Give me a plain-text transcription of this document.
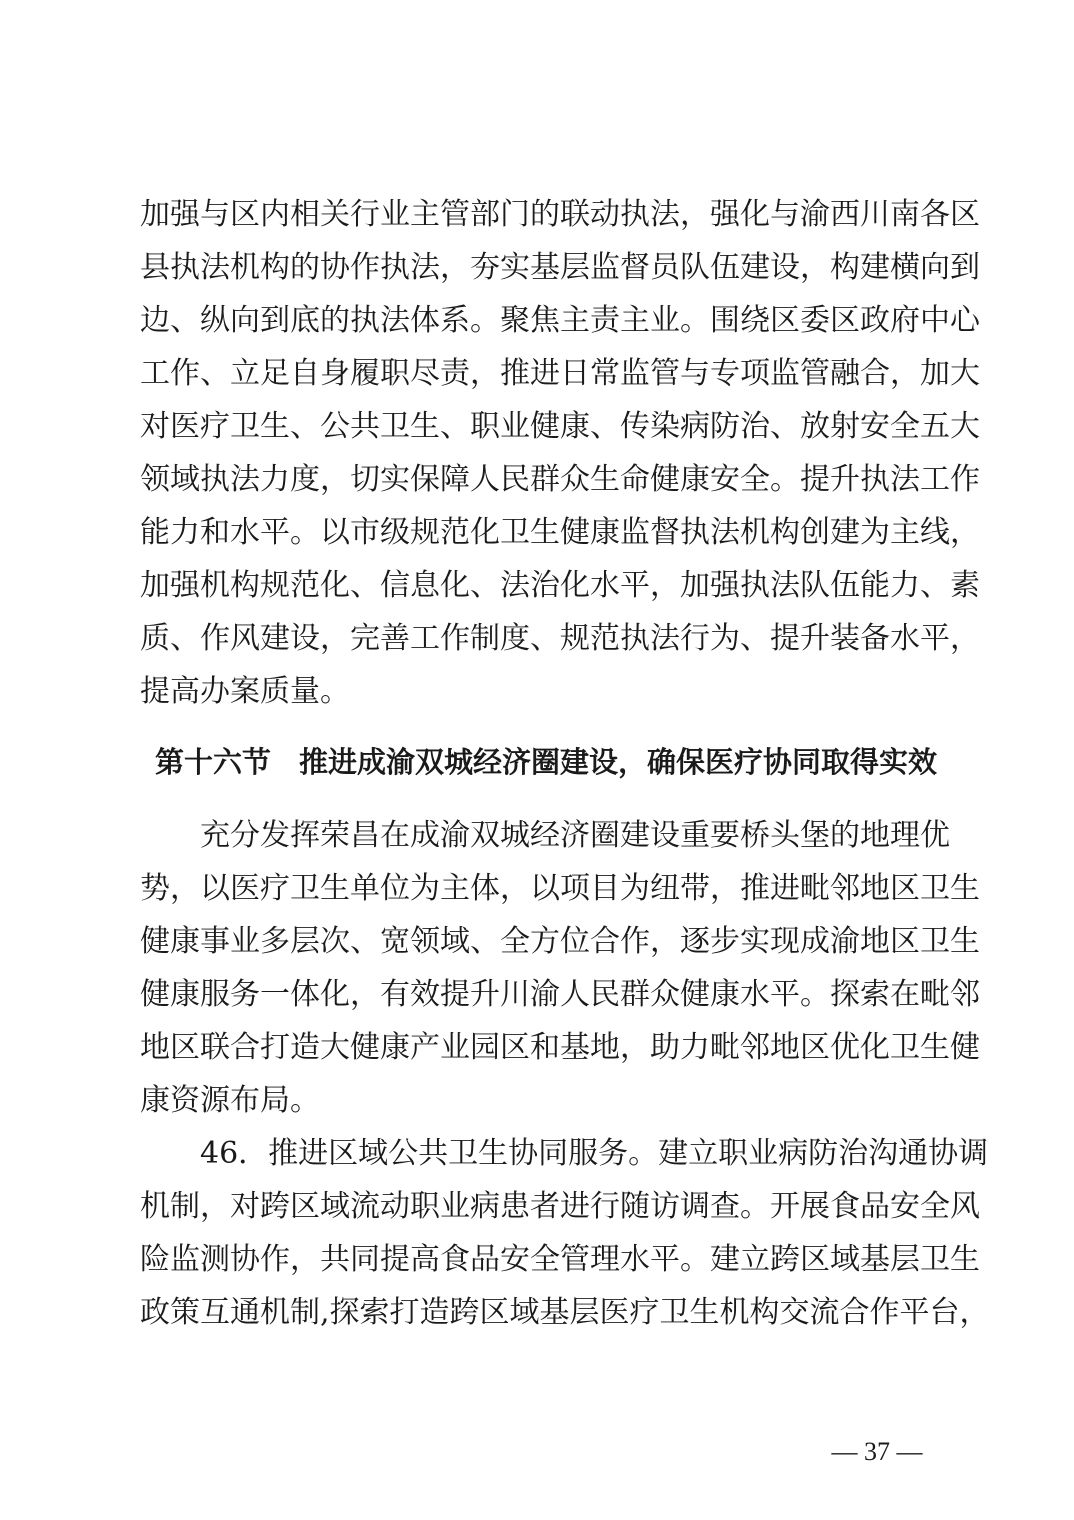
加强与区内相关行业主管部门的联动执法，强化与渝西川南各区
县执法机构的协作执法，夯实基层监督员队伍建设，构建横向到
边、纵向到底的执法体系。聚焦主责主业。围绕区委区政府中心
工作、立足自身履职尽责，推进日常监管与专项监管融合，加大
对医疗卫生、公共卫生、职业健康、传染病防治、放射安全五大
领域执法力度，切实保障人民群众生命健康安全。提升执法工作
能力和水平。以市级规范化卫生健康监督执法机构创建为主线，
加强机构规范化、信息化、法治化水平，加强执法队伍能力、素
质、作风建设，完善工作制度、规范执法行为、提升装备水平，
提高办案质量。
第十六节 推进成渝双城经济圈建设，确保医疗协同取得实效
充分发挥荣昌在成渝双城经济圈建设重要桥头堡的地理优
势，以医疗卫生单位为主体，以项目为纽带，推进毗邻地区卫生
健康事业多层次、宽领域、全方位合作，逐步实现成渝地区卫生
健康服务一体化，有效提升川渝人民群众健康水平。探索在毗邻
地区联合打造大健康产业园区和基地，助力毗邻地区优化卫生健
康资源布局。
46．推进区域公共卫生协同服务。建立职业病防治沟通协调
机制，对跨区域流动职业病患者进行随访调查。开展食品安全风
险监测协作，共同提高食品安全管理水平。建立跨区域基层卫生
政策互通机制,探索打造跨区域基层医疗卫生机构交流合作平台，
— 37 —
